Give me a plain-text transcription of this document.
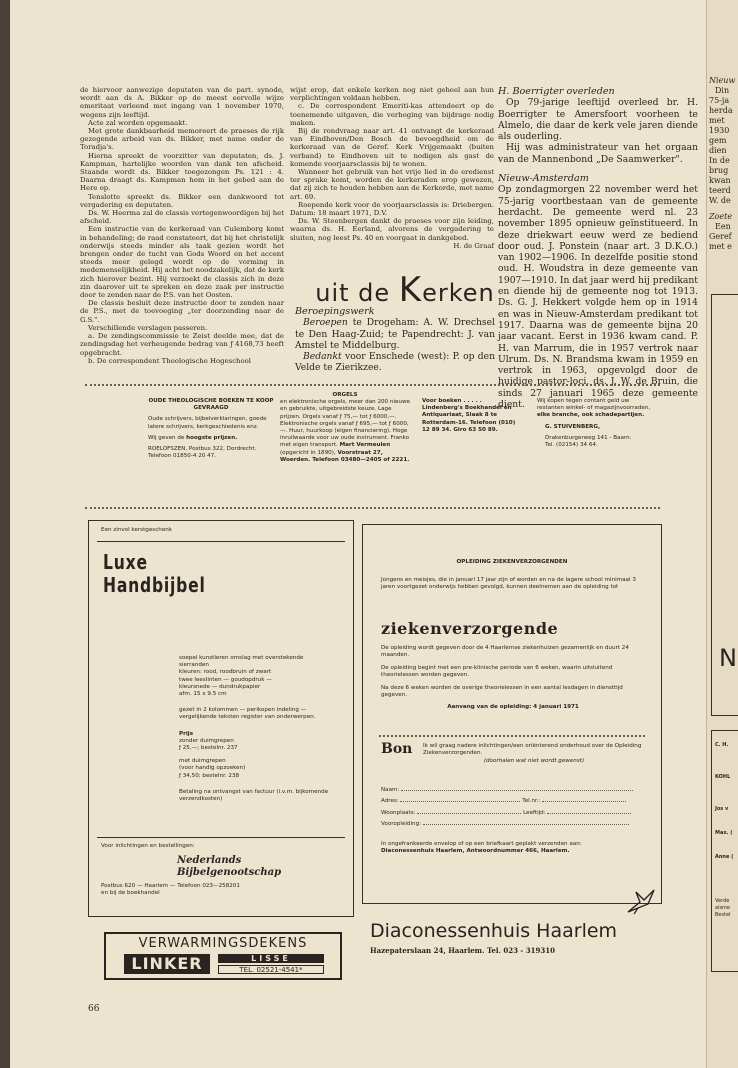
de hiervoor aanwezige deputaten van de part. synode, wordt aan ds A. Bikker op de meest eervolle wijze emeritaat verleend met ingang van 1 november 1970, wegens zijn leeftijd.

Acte zal worden opgemaakt.

Met grote dankbaarheid memoreert de praeses de rijk gezegende arbeid van ds. Bikker, met name onder de Toradja's.

Hierna spreekt de voorzitter van deputaten, ds. J. Kampman, hartelijke woorden van dank ten afscheid. Staande wordt ds. Bikker toegezongen Ps. 121 : 4. Daarna draagt ds. Kampman hem in het gebed aan de Here op.

Tenslotte spreekt ds. Bikker een dankwoord tot vergadering en deputaten.

Ds. W. Heerma zal de classis vertegenwoordigen bij het afscheid.

Een instructie van de kerkeraad van Culemborg komt in behandeling; de raad constateert, dat bij het christelijk onderwijs steeds minder als taak gezien wordt het brengen onder de tucht van Gods Woord en het accent steeds meer gelegd wordt op de vorming in medemenselijkheid. Hij acht het noodzakelijk, dat de kerk zich hierover bezint. Hij verzoekt de classis zich in deze zin daarover uit te spreken en deze zaak per instructie door te zenden naar de P.S. van het Oosten.

De classis besluit deze instructie door te zenden naar de P.S., met de toevoeging „ter doorzending naar de G.S.".

Verschillende verslagen passeren.

a. De zendingscommissie te Zeist deelde mee, dat de zendingsdag het verheugende bedrag van ƒ 4168,73 heeft opgebracht.

b. De correspondent Theologische Hogeschool

wijst erop, dat enkele kerken nog niet geheel aan hun verplichtingen voldaan hebben.

c. De correspondent Emeriti-kas attendeert op de toenemende uitgaven, die verhoging van bijdrage nodig maken.

Bij de rondvraag naar art. 41 ontvangt de kerkeraad van Eindhoven/Den Bosch de bevoegdheid om de kerkeraad van de Geref. Kerk Vrijgemaakt (buiten verband) te Eindhoven uit te nodigen als gast de komende voorjaarsclassis bij te wonen.

Wanneer het gebruik van het vrije lied in de eredienst ter sprake komt, worden de kerkeraden erop gewezen, dat zij zich te houden hebben aan de Kerkorde, met name art. 69.

Roepende kerk voor de voorjaarsclassis is: Driebergen. Datum: 18 maart 1971, D.V.

Ds. W. Steenbergen dankt de praeses voor zijn leiding, waarna ds. H. Eerland, alvorens de vergadering te sluiten, nog leest Ps. 40 en voorgaat in dankgebed.

H. de Graaf

uit de Kerken

Beroepingswerk

Beroepen te Drogeham: A. W. Drechsel te Den Haag-Zuid; te Papendrecht: J. van Amstel te Middelburg.

Bedankt voor Enschede (west): P. op den Velde te Zierikzee.

H. Boerrigter overleden

Op 79-jarige leeftijd overleed br. H. Boerrigter te Amersfoort voorheen te Almelo, die daar de kerk vele jaren diende als ouderling.

Hij was administrateur van het orgaan van de Mannenbond „De Saamwerker".

Nieuw-Amsterdam

Op zondagmorgen 22 november werd het 75-jarig voortbestaan van de gemeente herdacht. De gemeente werd nl. 23 november 1895 opnieuw geïnstitueerd. In deze driekwart eeuw werd ze bediend door oud. J. Ponstein (naar art. 3 D.K.O.) van 1902—1906. In dezelfde positie stond oud. H. Woudstra in deze gemeente van 1907—1910. In dat jaar werd hij predikant en diende hij de gemeente nog tot 1913. Ds. G. J. Hekkert volgde hem op in 1914 en was in Nieuw-Amsterdam predikant tot 1917. Daarna was de gemeente bijna 20 jaar vacant. Eerst in 1936 kwam cand. P. H. van Marrum, die in 1957 vertrok naar Ulrum. Ds. N. Brandsma kwam in 1959 en vertrok in 1963, opgevolgd door de huidige pastor-loci, ds. J. W. de Bruin, die sinds 27 januari 1965 deze gemeente dient.

OUDE THEOLOGISCHE BOEKEN TE KOOP GEVRAAGD

Oude schrijvers, bijbelverklaringen, goede latere schrijvers, kerkgeschiedenis enz.

Wij geven de hoogste prijzen.

ROELOFSZEN, Postbus 322, Dordrecht. Telefoon 01850-4 20 47.

ORGELS

en elektronische orgels, meer dan 200 nieuwe en gebruikte, uitgebreidste keuze. Lage prijzen. Orgels vanaf ƒ 75,— tot ƒ 6000,—. Elektronische orgels vanaf ƒ 695,— tot ƒ 6000,—. Huur, huurkoop (eigen financiering). Hoge inruilwaarde voor uw oude instrument. Franko met eigen transport. Mart Vermeulen (opgericht in 1890), Voorstraat 27, Woerden. Telefoon 03480—2405 of 2221.

Voor boeken . . . . . Lindenberg's Boekhandel en Antiquariaat, Slaak 8 te Rotterdam-16. Telefoon (010) 12 89 34. Giro 63 50 89.

Wij kopen tegen contant geld uw restanten winkel- of magazijnvoorraden, elke branche, ook schadepartijen.

G. STUIVENBERG,

Drakenburgerweg 141 - Baarn.

Tel. (02154) 34 64.

Een zinvol kerstgeschenk
Luxe
Handbijbel
soepel kunstleren omslag met overstekende sierranden
kleuren: rood, roodbruin of zwart
twee leeslinten — goudopdruk —
kleursnede — dundrukpapier
afm. 15 x 9.5 cm
gezet in 2 kolommen — perikopen indeling — vergelijkende teksten register van onderwerpen.
Prijs
zonder duimgrepen
ƒ 25,—; bestelnr. 237
met duimgrepen
(voor handig opzoeken)
ƒ 34,50; bestelnr. 238
Betaling na ontvangst van factuur (i.v.m. bijkomende verzendkosten)
Voor inlichtingen en bestellingen:
Nederlands
Bijbelgenootschap
Postbus 620 — Haarlem — Telefoon 023—258201
en bij de boekhandel
OPLEIDING ZIEKENVERZORGENDEN
Jongens en meisjes, die in januari 17 jaar zijn of worden en na de lagere school minimaal 3 jaren voortgezet onderwijs hebben gevolgd, kunnen deelnemen aan de opleiding tot
ziekenverzorgende
De opleiding wordt gegeven door de 4 Haarlemse ziekenhuizen gezamenlijk en duurt 24 maanden.
De opleiding begint met een pre-klinische periode van 6 weken, waarin uitsluitend theorielessen worden gegeven.
Na deze 6 weken worden de overige theorielessen in een aantal lesdagen in diensttijd gegeven.
Aanvang van de opleiding: 4 januari 1971
Bon Ik wil graag nadere inlichtingen/een oriënterend onderhoud over de Opleiding Ziekenverzorgenden.
(doorhalen wat niet wordt gewenst)
Naam:
Adres:	Tel.nr.:
Woonplaats:	Leeftijd:
Vooropleiding:
In ongefrankeerde envelop of op een briefkaart geplakt verzenden aan:
Diaconessenhuis Haarlem, Antwoordnummer 466, Haarlem.
VERWARMINGSDEKENS
LINKER	LISSE
TEL. 02521-4541*
Diaconessenhuis Haarlem
Hazepaterslaan 24, Haarlem. Tel. 023 - 319310
66
Nieuw
Din
75-ja
herda
met
1930
gem
dien
In de
brug
kwan
teerd
W. de
Zoete
Een
Geref
met e
N
C. H.
KOHL
Jos v
Max. (
Anne (
Verde
alsme
Bestel
